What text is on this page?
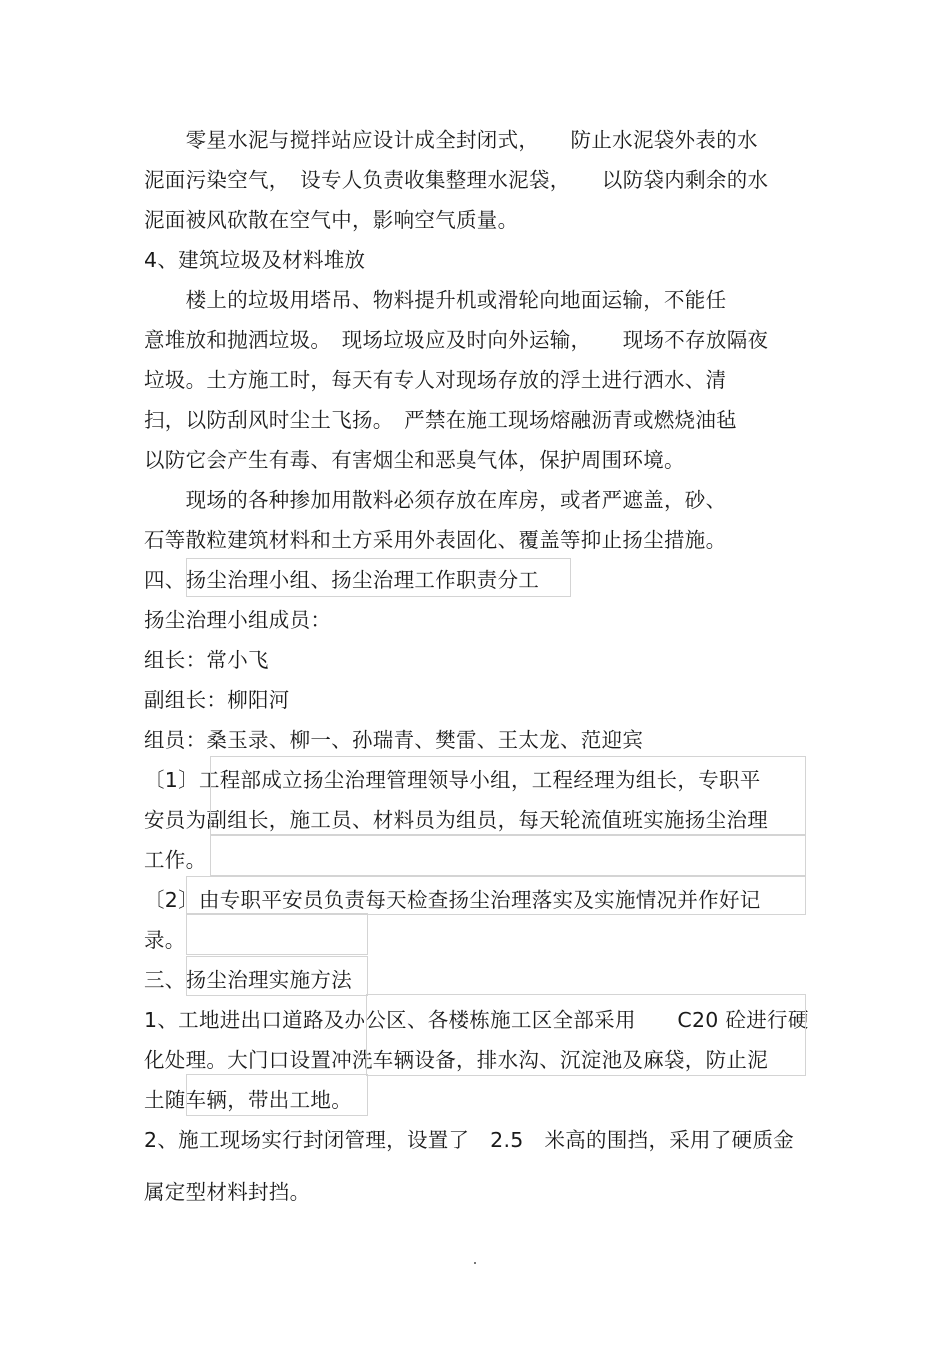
　　零星水泥与搅拌站应设计成全封闭式，　　防止水泥袋外表的水
泥面污染空气，　设专人负责收集整理水泥袋，　　以防袋内剩余的水
泥面被风砍散在空气中，影响空气质量。
4、建筑垃圾及材料堆放
　　楼上的垃圾用塔吊、物料提升机或滑轮向地面运输，不能任
意堆放和抛洒垃圾。　现场垃圾应及时向外运输，　　现场不存放隔夜
垃圾。土方施工时，每天有专人对现场存放的浮土进行洒水、清
扫，以防刮风时尘土飞扬。　严禁在施工现场熔融沥青或燃烧油毡
以防它会产生有毒、有害烟尘和恶臭气体，保护周围环境。
　　现场的各种掺加用散料必须存放在库房，或者严遮盖，砂、
石等散粒建筑材料和土方采用外表固化、覆盖等抑止扬尘措施。
四、扬尘治理小组、扬尘治理工作职责分工
扬尘治理小组成员：
组长：常小飞
副组长：柳阳河
组员：桑玉录、柳一、孙瑞青、樊雷、王太龙、范迎宾
〔1〕工程部成立扬尘治理管理领导小组，工程经理为组长，专职平
安员为副组长，施工员、材料员为组员，每天轮流值班实施扬尘治理
工作。
〔2〕由专职平安员负责每天检查扬尘治理落实及实施情况并作好记
录。
三、扬尘治理实施方法
1、工地进出口道路及办公区、各楼栋施工区全部采用　　C20 砼进行硬
化处理。大门口设置冲洗车辆设备，排水沟、沉淀池及麻袋，防止泥
土随车辆，带出工地。
2、施工现场实行封闭管理，设置了　2.5　米高的围挡，采用了硬质金
属定型材料封挡。
